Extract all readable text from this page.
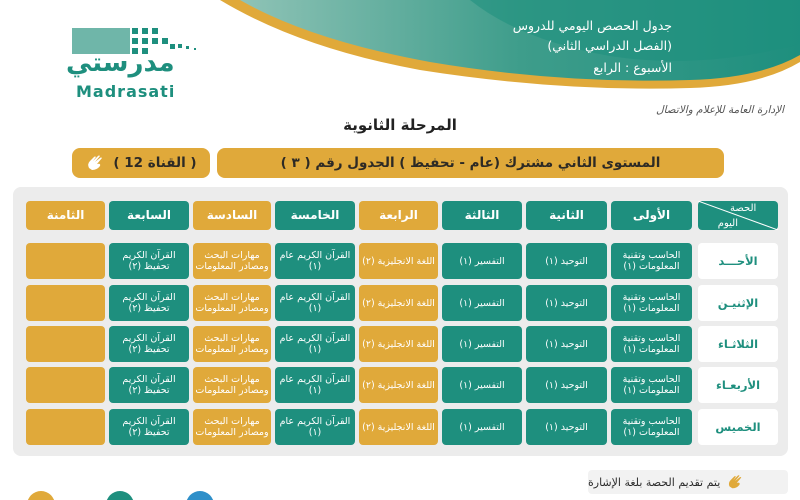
مدرستي
Madrasati
جدول الحصص اليومي للدروس
(الفصل الدراسي الثاني)
الأسبوع : الرابع
الإدارة العامة للإعلام والاتصال
المرحلة الثانوية
المستوى الثاني مشترك (عام - تحفيظ ) الجدول رقم ( ٣ )
( القناة 12 )
الحصة
اليوم
الأولى
الثانية
الثالثة
الرابعة
الخامسة
السادسة
السابعة
الثامنة
الأحـــد
الحاسب وتقنية المعلومات (١)
التوحيد (١)
التفسير (١)
اللغة الانجليزية (٢)
القرآن الكريم عام (١)
مهارات البحث ومصادر المعلومات
القرآن الكريم تحفيظ (٢)
الإثنيـن
الحاسب وتقنية المعلومات (١)
التوحيد (١)
التفسير (١)
اللغة الانجليزية (٢)
القرآن الكريم عام (١)
مهارات البحث ومصادر المعلومات
القرآن الكريم تحفيظ (٢)
الثلاثـاء
الحاسب وتقنية المعلومات (١)
التوحيد (١)
التفسير (١)
اللغة الانجليزية (٢)
القرآن الكريم عام (١)
مهارات البحث ومصادر المعلومات
القرآن الكريم تحفيظ (٢)
الأربعـاء
الحاسب وتقنية المعلومات (١)
التوحيد (١)
التفسير (١)
اللغة الانجليزية (٢)
القرآن الكريم عام (١)
مهارات البحث ومصادر المعلومات
القرآن الكريم تحفيظ (٢)
الخميس
الحاسب وتقنية المعلومات (١)
التوحيد (١)
التفسير (١)
اللغة الانجليزية (٢)
القرآن الكريم عام (١)
مهارات البحث ومصادر المعلومات
القرآن الكريم تحفيظ (٢)
يتم تقديم الحصة بلغة الإشارة
